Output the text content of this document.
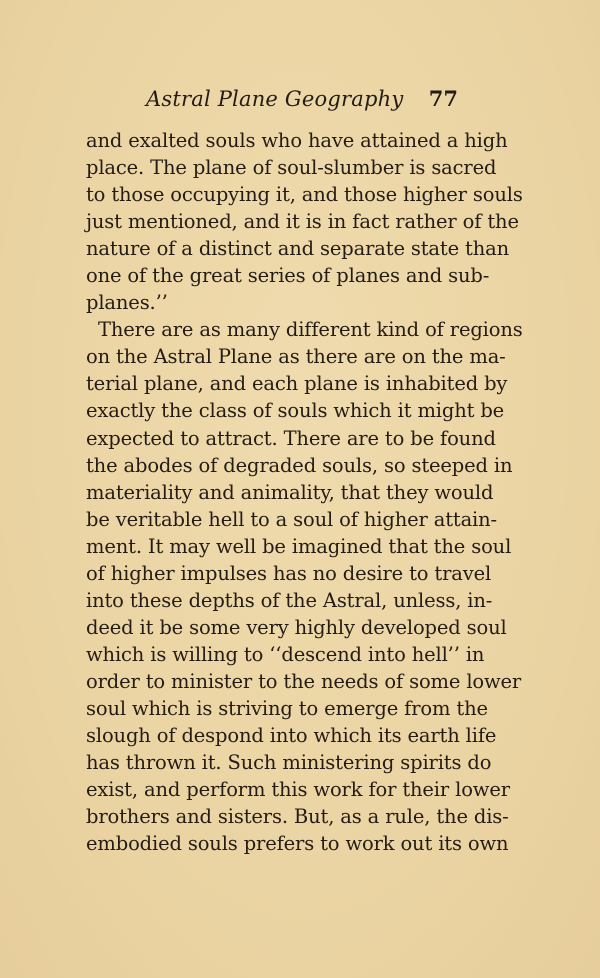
Astral Plane Geography 77
and exalted souls who have attained a high
place. The plane of soul-slumber is sacred
to those occupying it, and those higher souls
just mentioned, and it is in fact rather of the
nature of a distinct and separate state than
one of the great series of planes and sub-
planes.’’
There are as many different kind of regions
on the Astral Plane as there are on the ma-
terial plane, and each plane is inhabited by
exactly the class of souls which it might be
expected to attract. There are to be found
the abodes of degraded souls, so steeped in
materiality and animality, that they would
be veritable hell to a soul of higher attain-
ment. It may well be imagined that the soul
of higher impulses has no desire to travel
into these depths of the Astral, unless, in-
deed it be some very highly developed soul
which is willing to ‘‘descend into hell’’ in
order to minister to the needs of some lower
soul which is striving to emerge from the
slough of despond into which its earth life
has thrown it. Such ministering spirits do
exist, and perform this work for their lower
brothers and sisters. But, as a rule, the dis-
embodied souls prefers to work out its own
